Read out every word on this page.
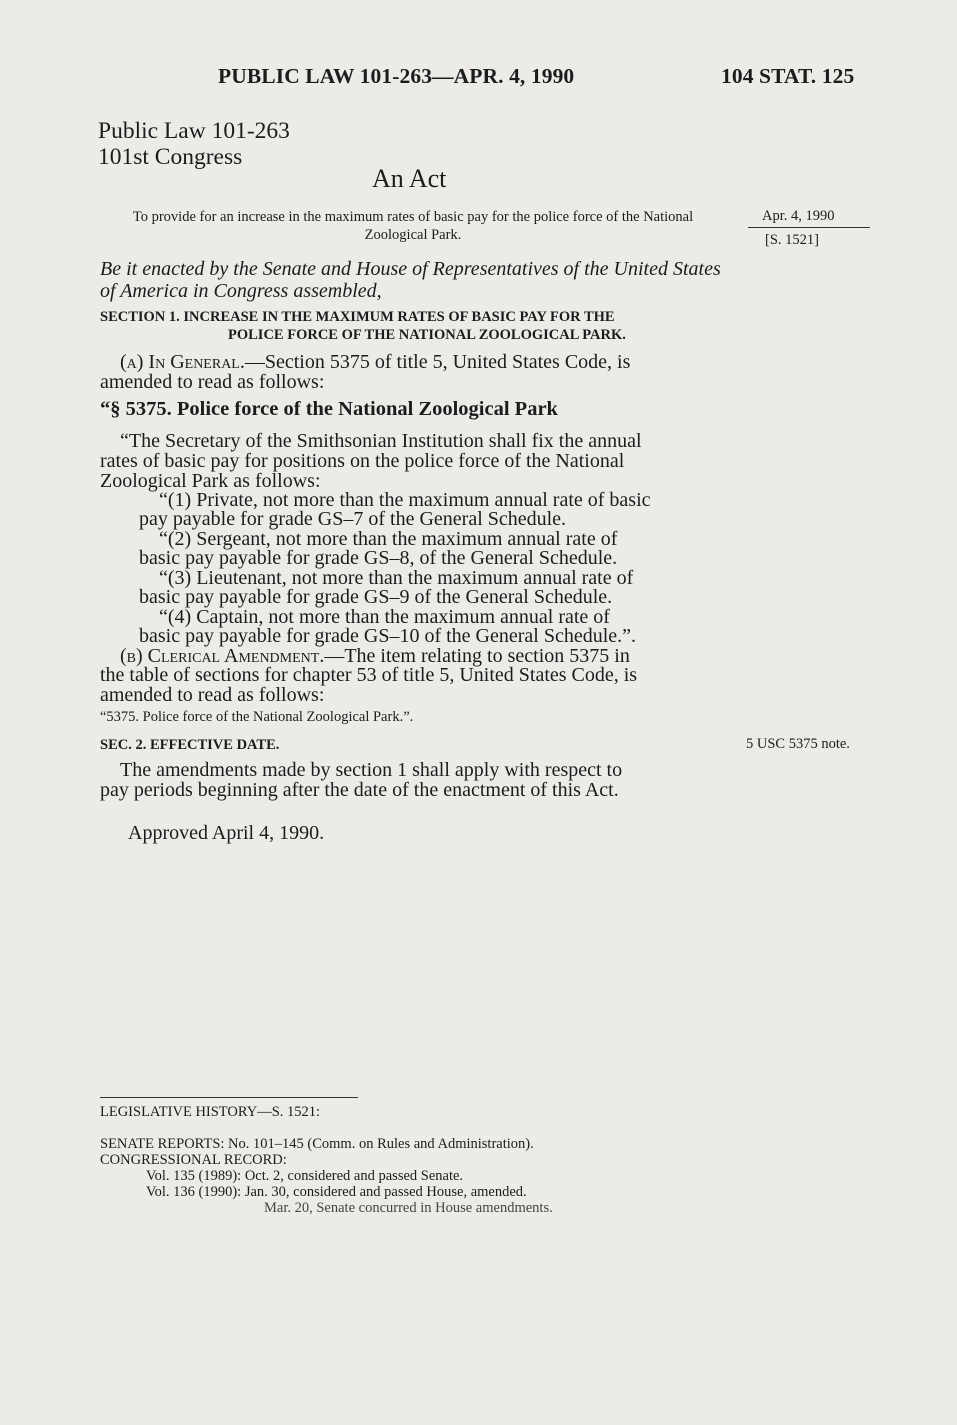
PUBLIC LAW 101-263—APR. 4, 1990	104 STAT. 125
Public Law 101-263
101st Congress
An Act
To provide for an increase in the maximum rates of basic pay for the police force of the National Zoological Park.
Apr. 4, 1990
[S. 1521]
Be it enacted by the Senate and House of Representatives of the United States of America in Congress assembled,
SECTION 1. INCREASE IN THE MAXIMUM RATES OF BASIC PAY FOR THE
POLICE FORCE OF THE NATIONAL ZOOLOGICAL PARK.
(a) In General.—Section 5375 of title 5, United States Code, is
amended to read as follows:
“§ 5375. Police force of the National Zoological Park
“The Secretary of the Smithsonian Institution shall fix the annual
rates of basic pay for positions on the police force of the National
Zoological Park as follows:
“(1) Private, not more than the maximum annual rate of basic
pay payable for grade GS–7 of the General Schedule.
“(2) Sergeant, not more than the maximum annual rate of
basic pay payable for grade GS–8, of the General Schedule.
“(3) Lieutenant, not more than the maximum annual rate of
basic pay payable for grade GS–9 of the General Schedule.
“(4) Captain, not more than the maximum annual rate of
basic pay payable for grade GS–10 of the General Schedule.”.
(b) Clerical Amendment.—The item relating to section 5375 in
the table of sections for chapter 53 of title 5, United States Code, is
amended to read as follows:
“5375. Police force of the National Zoological Park.”.
SEC. 2. EFFECTIVE DATE.	5 USC 5375 note.
The amendments made by section 1 shall apply with respect to
pay periods beginning after the date of the enactment of this Act.
Approved April 4, 1990.
LEGISLATIVE HISTORY—S. 1521:
SENATE REPORTS: No. 101–145 (Comm. on Rules and Administration).
CONGRESSIONAL RECORD:
Vol. 135 (1989): Oct. 2, considered and passed Senate.
Vol. 136 (1990): Jan. 30, considered and passed House, amended.
Mar. 20, Senate concurred in House amendments.
